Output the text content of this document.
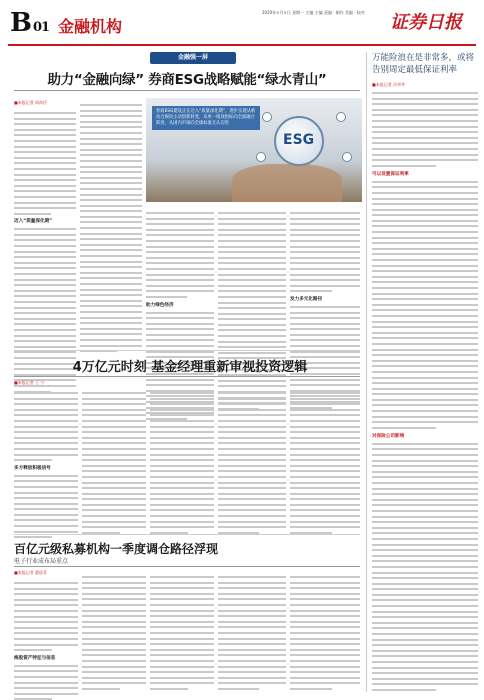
B 01 金融机构
2020年×月×日 星期一 主编 主编 责编 · 制作 美编 · 校对	证券日报
金融强一屏
助力“金融向绿” 券商ESG战略赋能“绿水青山”
■本报记者 周尚伃
迈入“质量深化期”
ESG
券商ESG建设正在迈入“质量深化期”，逐步实现从被动合规向主动创新转变，从单一绩效指标向全面融合跃进，从国内市场向全球标准互认迈进
助力绿色经济
发力多元化路径
4万亿元时刻 基金经理重新审视投资逻辑
■本报记者 王 宁
多方释放积极信号
百亿元级私募机构一季度调仓路径浮现
电子行业成布局重点
■本报记者 董依菲
海股资产特征与信息
万能险浪在是非常多，或将告别周定最低保证利率
■本报记者 冷翠华
可以设置保证利率
对保险公司影响
